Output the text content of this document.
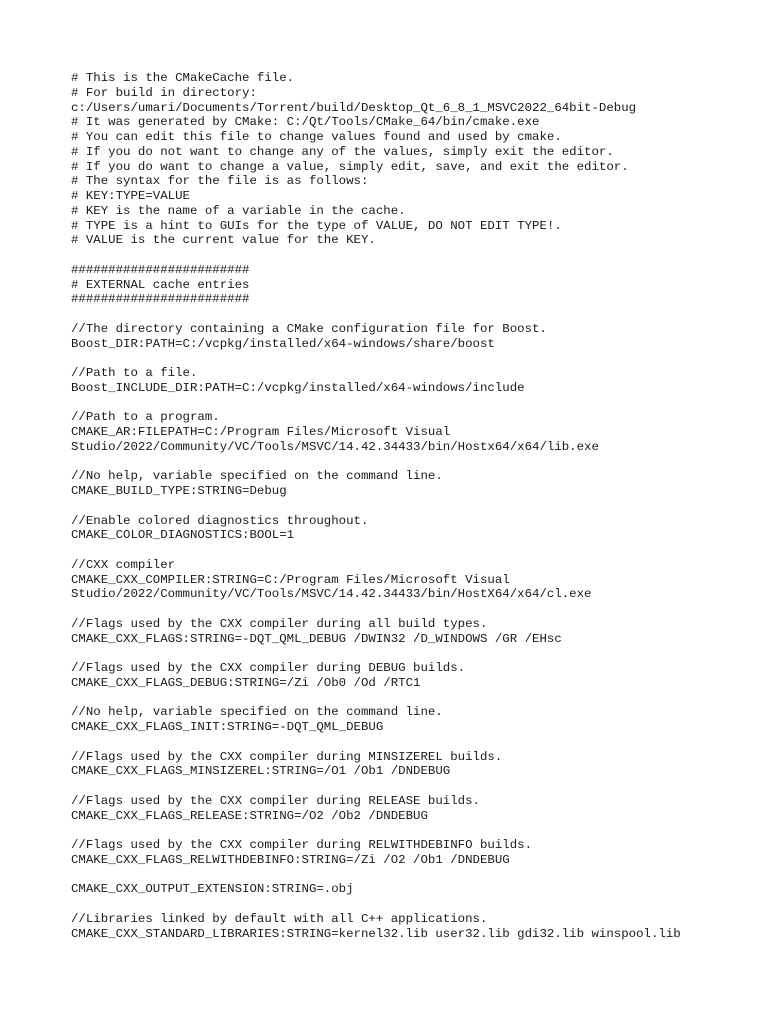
# This is the CMakeCache file.
# For build in directory:
c:/Users/umari/Documents/Torrent/build/Desktop_Qt_6_8_1_MSVC2022_64bit-Debug
# It was generated by CMake: C:/Qt/Tools/CMake_64/bin/cmake.exe
# You can edit this file to change values found and used by cmake.
# If you do not want to change any of the values, simply exit the editor.
# If you do want to change a value, simply edit, save, and exit the editor.
# The syntax for the file is as follows:
# KEY:TYPE=VALUE
# KEY is the name of a variable in the cache.
# TYPE is a hint to GUIs for the type of VALUE, DO NOT EDIT TYPE!.
# VALUE is the current value for the KEY.
########################
# EXTERNAL cache entries
########################
//The directory containing a CMake configuration file for Boost.
Boost_DIR:PATH=C:/vcpkg/installed/x64-windows/share/boost
//Path to a file.
Boost_INCLUDE_DIR:PATH=C:/vcpkg/installed/x64-windows/include
//Path to a program.
CMAKE_AR:FILEPATH=C:/Program Files/Microsoft Visual
Studio/2022/Community/VC/Tools/MSVC/14.42.34433/bin/Hostx64/x64/lib.exe
//No help, variable specified on the command line.
CMAKE_BUILD_TYPE:STRING=Debug
//Enable colored diagnostics throughout.
CMAKE_COLOR_DIAGNOSTICS:BOOL=1
//CXX compiler
CMAKE_CXX_COMPILER:STRING=C:/Program Files/Microsoft Visual
Studio/2022/Community/VC/Tools/MSVC/14.42.34433/bin/HostX64/x64/cl.exe
//Flags used by the CXX compiler during all build types.
CMAKE_CXX_FLAGS:STRING=-DQT_QML_DEBUG /DWIN32 /D_WINDOWS /GR /EHsc
//Flags used by the CXX compiler during DEBUG builds.
CMAKE_CXX_FLAGS_DEBUG:STRING=/Zi /Ob0 /Od /RTC1
//No help, variable specified on the command line.
CMAKE_CXX_FLAGS_INIT:STRING=-DQT_QML_DEBUG
//Flags used by the CXX compiler during MINSIZEREL builds.
CMAKE_CXX_FLAGS_MINSIZEREL:STRING=/O1 /Ob1 /DNDEBUG
//Flags used by the CXX compiler during RELEASE builds.
CMAKE_CXX_FLAGS_RELEASE:STRING=/O2 /Ob2 /DNDEBUG
//Flags used by the CXX compiler during RELWITHDEBINFO builds.
CMAKE_CXX_FLAGS_RELWITHDEBINFO:STRING=/Zi /O2 /Ob1 /DNDEBUG
CMAKE_CXX_OUTPUT_EXTENSION:STRING=.obj
//Libraries linked by default with all C++ applications.
CMAKE_CXX_STANDARD_LIBRARIES:STRING=kernel32.lib user32.lib gdi32.lib winspool.lib
